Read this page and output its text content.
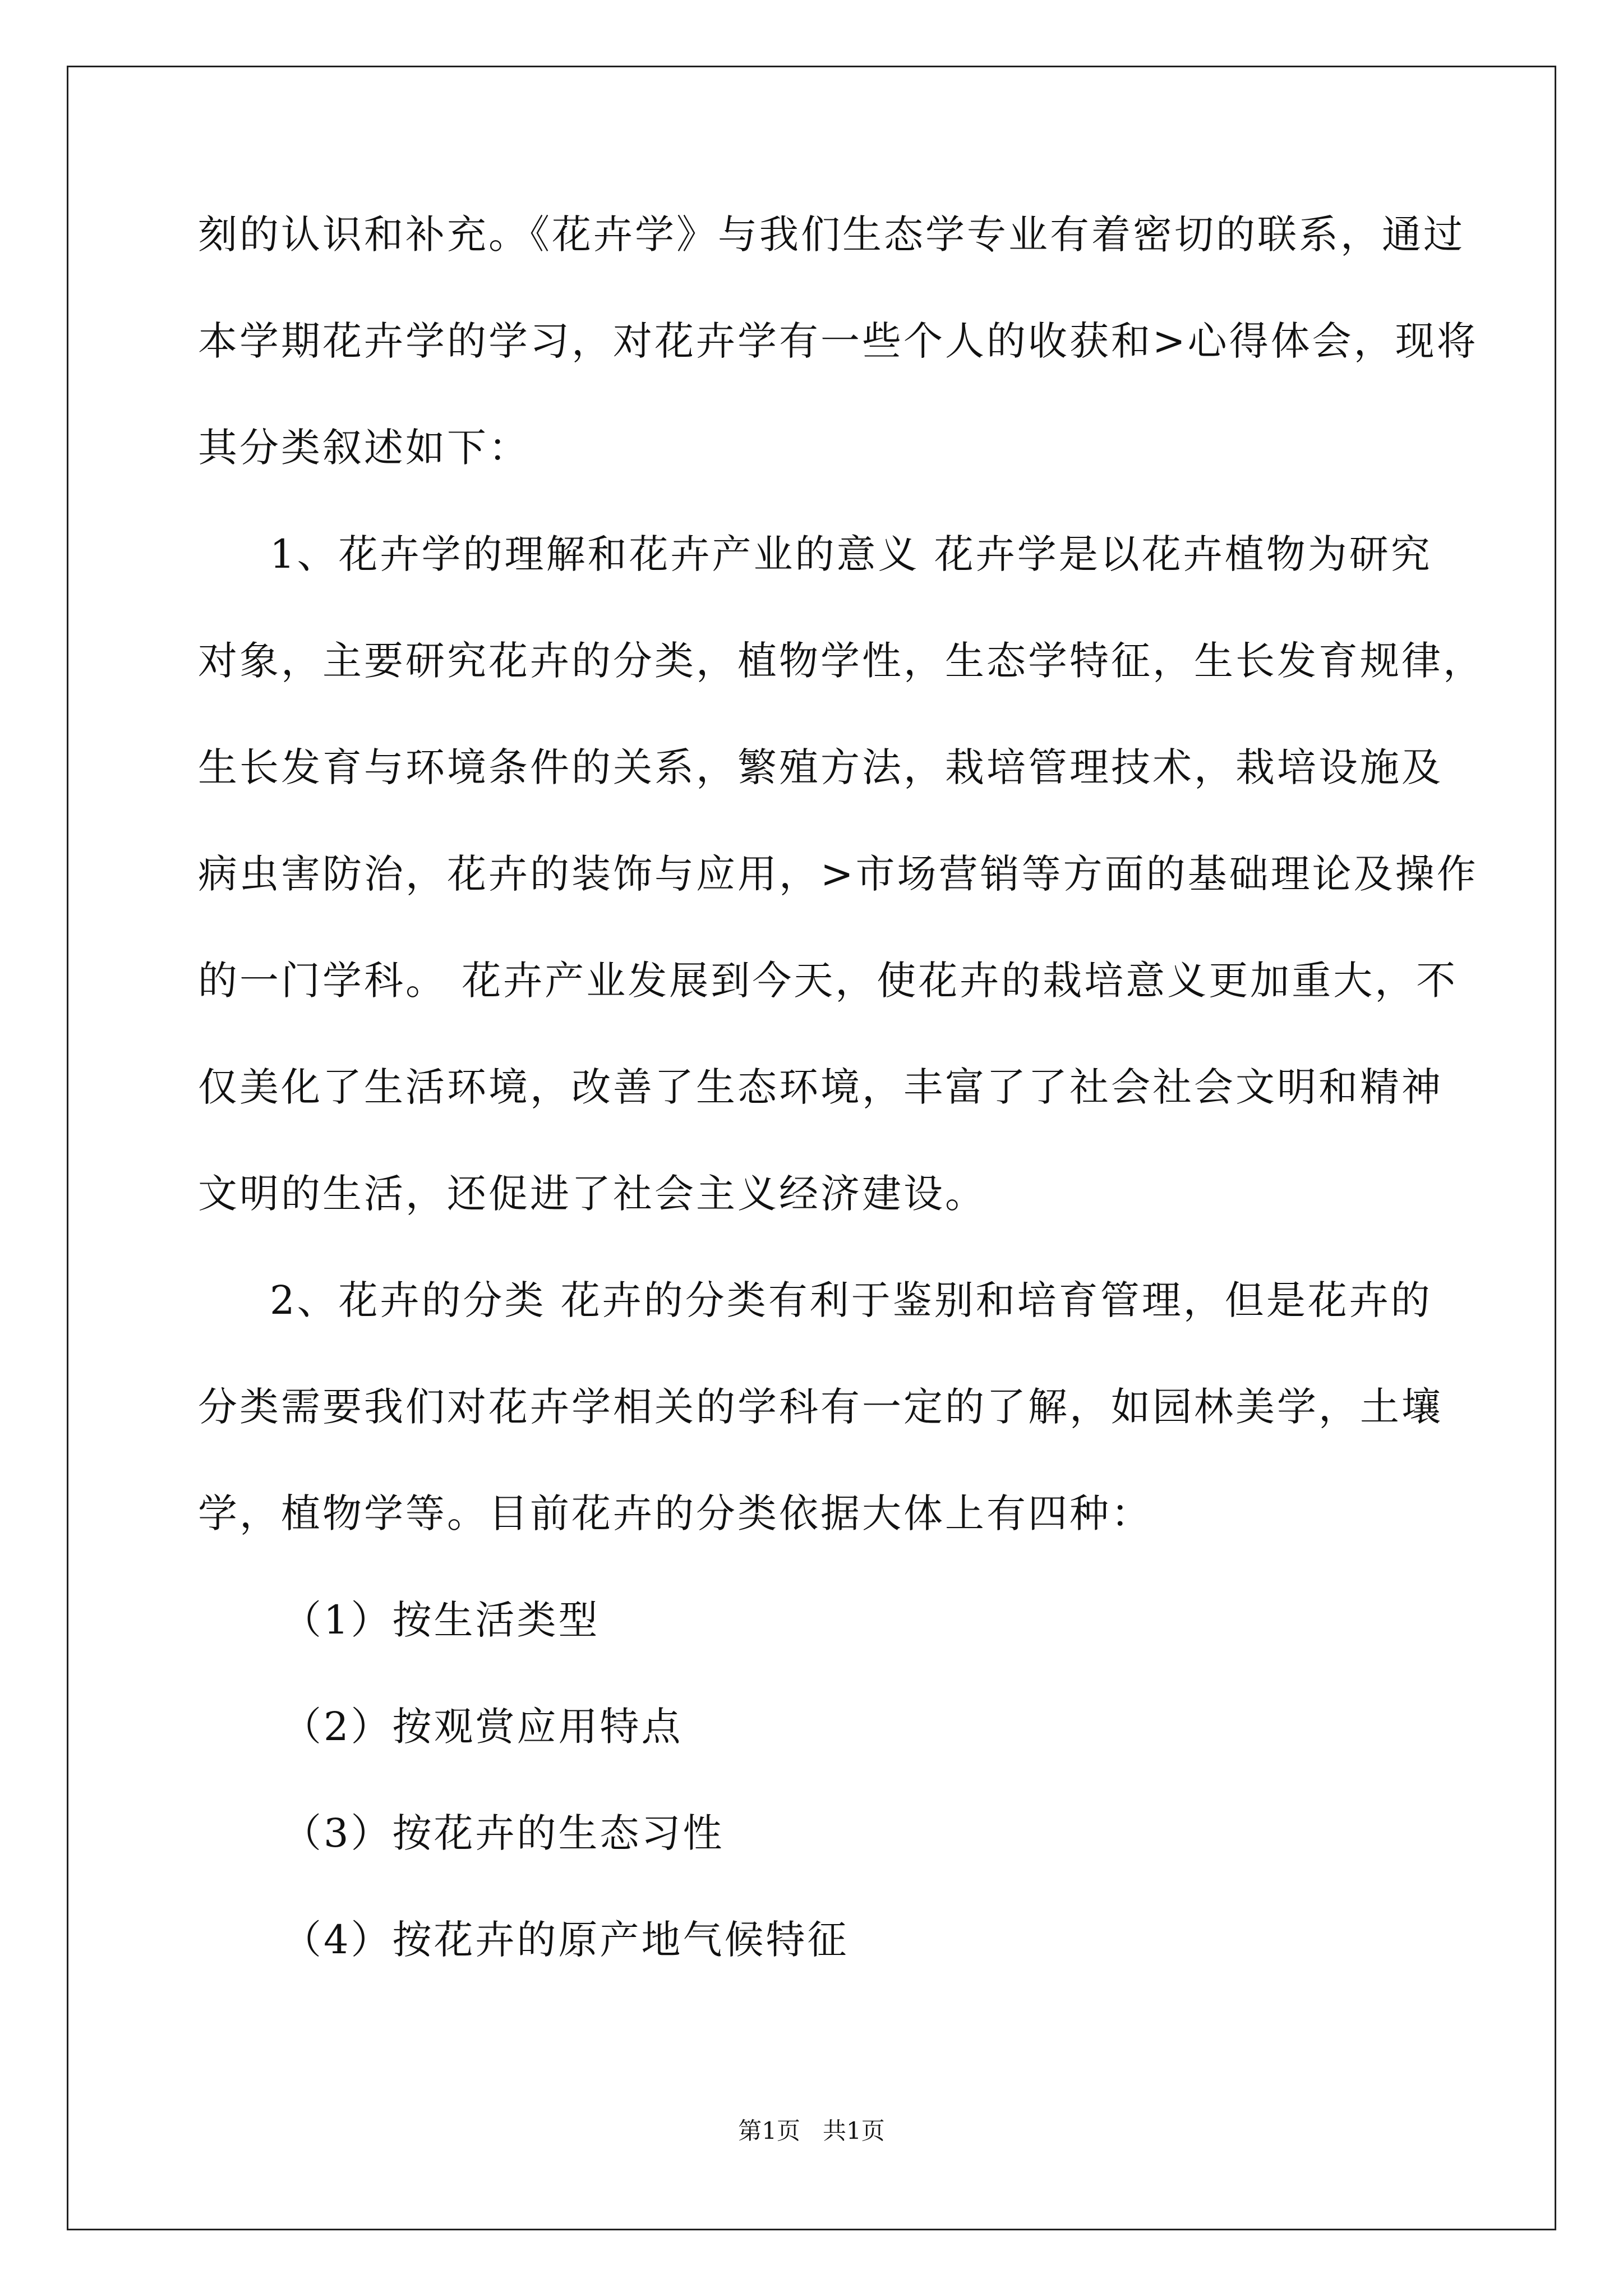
刻的认识和补充。《花卉学》与我们生态学专业有着密切的联系，通过
本学期花卉学的学习，对花卉学有一些个人的收获和>心得体会，现将
其分类叙述如下：
1、花卉学的理解和花卉产业的意义 花卉学是以花卉植物为研究
对象，主要研究花卉的分类，植物学性，生态学特征，生长发育规律，
生长发育与环境条件的关系，繁殖方法，栽培管理技术，栽培设施及
病虫害防治，花卉的装饰与应用，>市场营销等方面的基础理论及操作
的一门学科。 花卉产业发展到今天，使花卉的栽培意义更加重大，不
仅美化了生活环境，改善了生态环境，丰富了了社会社会文明和精神
文明的生活，还促进了社会主义经济建设。
2、花卉的分类 花卉的分类有利于鉴别和培育管理，但是花卉的
分类需要我们对花卉学相关的学科有一定的了解，如园林美学，土壤
学，植物学等。目前花卉的分类依据大体上有四种：
（1）按生活类型
（2）按观赏应用特点
（3）按花卉的生态习性
（4）按花卉的原产地气候特征
第1页   共1页
